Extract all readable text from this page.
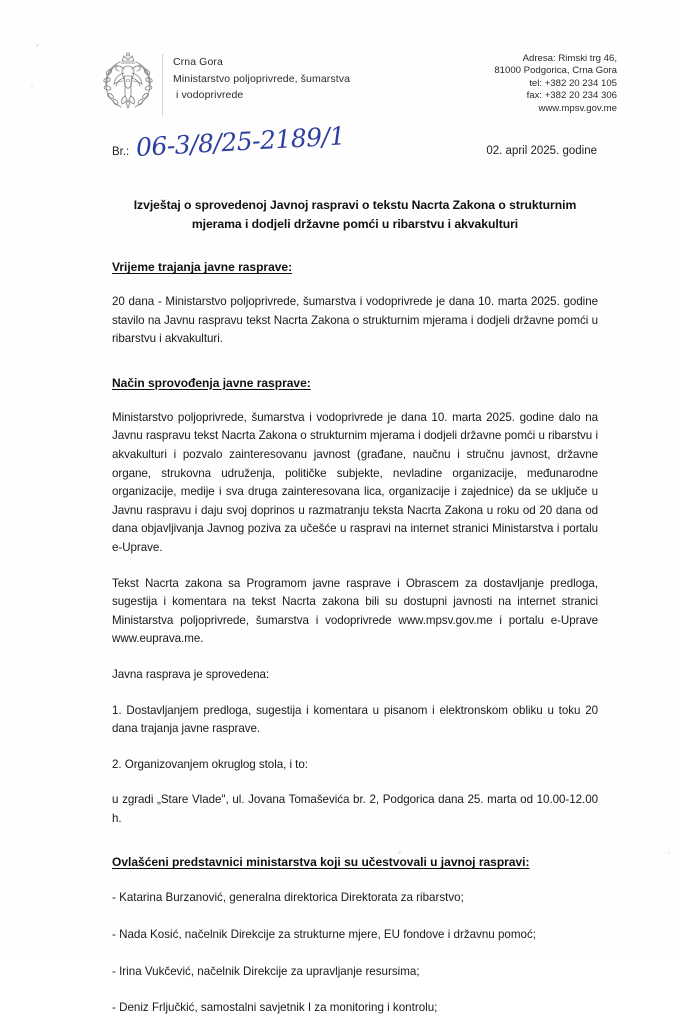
Crna Gora
Ministarstvo poljoprivrede, šumarstva
i vodoprivrede
Adresa: Rimski trg 46,
81000 Podgorica, Crna Gora
tel: +382 20 234 105
fax: +382 20 234 306
www.mpsv.gov.me
Br.: 06-3/8/25-2189/1	02. april 2025. godine
Izvještaj o sprovedenoj Javnoj raspravi o tekstu Nacrta Zakona o strukturnim mjerama i dodjeli državne pomći u ribarstvu i akvakulturi
Vrijeme trajanja javne rasprave:

20 dana - Ministarstvo poljoprivrede, šumarstva i vodoprivrede je dana 10. marta 2025. godine stavilo na Javnu raspravu tekst Nacrta Zakona o strukturnim mjerama i dodjeli državne pomći u ribarstvu i akvakulturi.

Način sprovođenja javne rasprave:

Ministarstvo poljoprivrede, šumarstva i vodoprivrede je dana 10. marta 2025. godine dalo na Javnu raspravu tekst Nacrta Zakona o strukturnim mjerama i dodjeli državne pomći u ribarstvu i akvakulturi i pozvalo zainteresovanu javnost (građane, naučnu i stručnu javnost, državne organe, strukovna udruženja, političke subjekte, nevladine organizacije, međunarodne organizacije, medije i sva druga zainteresovana lica, organizacije i zajednice) da se uključe u Javnu raspravu i daju svoj doprinos u razmatranju teksta Nacrta Zakona u roku od 20 dana od dana objavljivanja Javnog poziva za učešće u raspravi na internet stranici Ministarstva i portalu e-Uprave.

Tekst Nacrta zakona sa Programom javne rasprave i Obrascem za dostavljanje predloga, sugestija i komentara na tekst Nacrta zakona bili su dostupni javnosti na internet stranici Ministarstva poljoprivrede, šumarstva i vodoprivrede www.mpsv.gov.me i portalu e-Uprave www.euprava.me.

Javna rasprava je sprovedena:

1. Dostavljanjem predloga, sugestija i komentara u pisanom i elektronskom obliku u toku 20 dana trajanja javne rasprave.

2. Organizovanjem okruglog stola, i to:

u zgradi „Stare Vlade", ul. Jovana Tomaševića br. 2, Podgorica dana 25. marta od 10.00-12.00 h.

Ovlašćeni predstavnici ministarstva koji su učestvovali u javnoj raspravi:

- Katarina Burzanović, generalna direktorica Direktorata za ribarstvo;

- Nada Kosić, načelnik Direkcije za strukturne mjere, EU fondove i državnu pomoć;

- Irina Vukčević, načelnik Direkcije za upravljanje resursima;

- Deniz Frljučkić, samostalni savjetnik I za monitoring i kontrolu;
